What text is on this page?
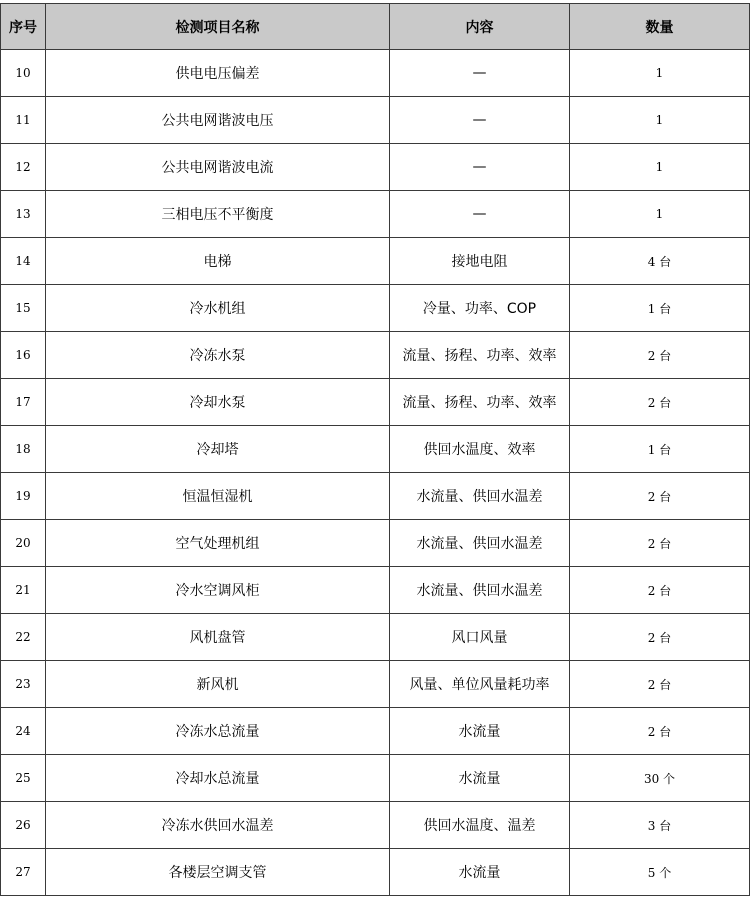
序号	检测项目名称	内容	数量
10	供电电压偏差	—	1
11	公共电网谐波电压	—	1
12	公共电网谐波电流	—	1
13	三相电压不平衡度	—	1
14	电梯	接地电阻	4 台
15	冷水机组	冷量、功率、COP	1 台
16	冷冻水泵	流量、扬程、功率、效率	2 台
17	冷却水泵	流量、扬程、功率、效率	2 台
18	冷却塔	供回水温度、效率	1 台
19	恒温恒湿机	水流量、供回水温差	2 台
20	空气处理机组	水流量、供回水温差	2 台
21	冷水空调风柜	水流量、供回水温差	2 台
22	风机盘管	风口风量	2 台
23	新风机	风量、单位风量耗功率	2 台
24	冷冻水总流量	水流量	2 台
25	冷却水总流量	水流量	30 个
26	冷冻水供回水温差	供回水温度、温差	3 台
27	各楼层空调支管	水流量	5 个
